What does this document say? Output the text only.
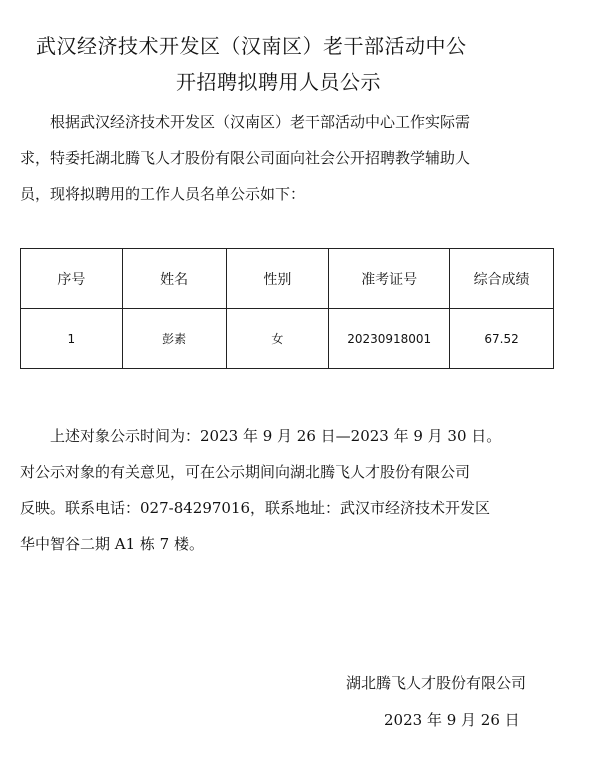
武汉经济技术开发区（汉南区）老干部活动中公
开招聘拟聘用人员公示
根据武汉经济技术开发区（汉南区）老干部活动中心工作实际需
求，特委托湖北腾飞人才股份有限公司面向社会公开招聘教学辅助人
员，现将拟聘用的工作人员名单公示如下：
序号	姓名	性别	准考证号	综合成绩
1	彭素	女	20230918001	67.52
上述对象公示时间为：2023 年 9 月 26 日—2023 年 9 月 30 日。
对公示对象的有关意见，可在公示期间向湖北腾飞人才股份有限公司
反映。联系电话：027-84297016，联系地址：武汉市经济技术开发区
华中智谷二期 A1 栋 7 楼。
湖北腾飞人才股份有限公司
2023 年 9 月 26 日
